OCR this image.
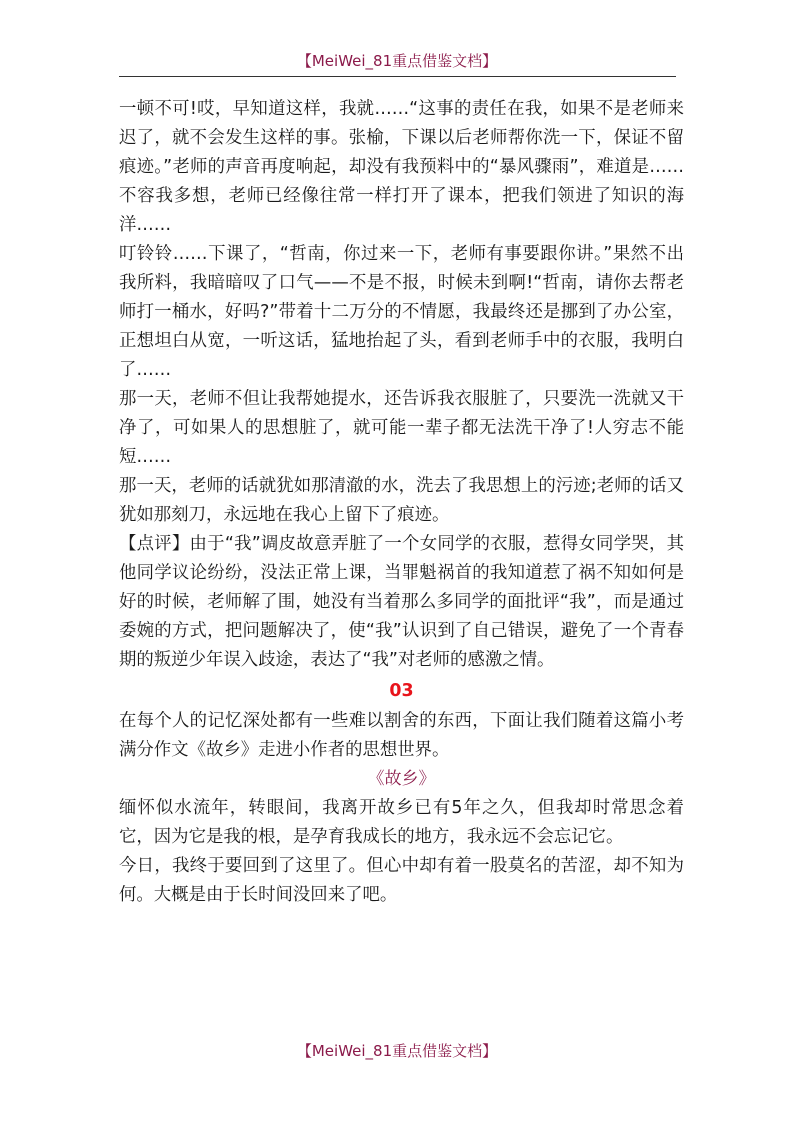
【MeiWei_81重点借鉴文档】

一顿不可!哎，早知道这样，我就……“这事的责任在我，如果不是老师来迟了，就不会发生这样的事。张榆，下课以后老师帮你洗一下，保证不留痕迹。”老师的声音再度响起，却没有我预料中的“暴风骤雨”，难道是……不容我多想，老师已经像往常一样打开了课本，把我们领进了知识的海洋……

叮铃铃……下课了，“哲南，你过来一下，老师有事要跟你讲。”果然不出我所料，我暗暗叹了口气——不是不报，时候未到啊!“哲南，请你去帮老师打一桶水，好吗?”带着十二万分的不情愿，我最终还是挪到了办公室，正想坦白从宽，一听这话，猛地抬起了头，看到老师手中的衣服，我明白了……

那一天，老师不但让我帮她提水，还告诉我衣服脏了，只要洗一洗就又干净了，可如果人的思想脏了，就可能一辈子都无法洗干净了!人穷志不能短……

那一天，老师的话就犹如那清澈的水，洗去了我思想上的污迹;老师的话又犹如那刻刀，永远地在我心上留下了痕迹。

【点评】由于“我”调皮故意弄脏了一个女同学的衣服，惹得女同学哭，其他同学议论纷纷，没法正常上课，当罪魁祸首的我知道惹了祸不知如何是好的时候，老师解了围，她没有当着那么多同学的面批评“我”，而是通过委婉的方式，把问题解决了，使“我”认识到了自己错误，避免了一个青春期的叛逆少年误入歧途，表达了“我”对老师的感激之情。

03

在每个人的记忆深处都有一些难以割舍的东西，下面让我们随着这篇小考满分作文《故乡》走进小作者的思想世界。

《故乡》

缅怀似水流年，转眼间，我离开故乡已有5年之久，但我却时常思念着它，因为它是我的根，是孕育我成长的地方，我永远不会忘记它。

今日，我终于要回到了这里了。但心中却有着一股莫名的苦涩，却不知为何。大概是由于长时间没回来了吧。

【MeiWei_81重点借鉴文档】
